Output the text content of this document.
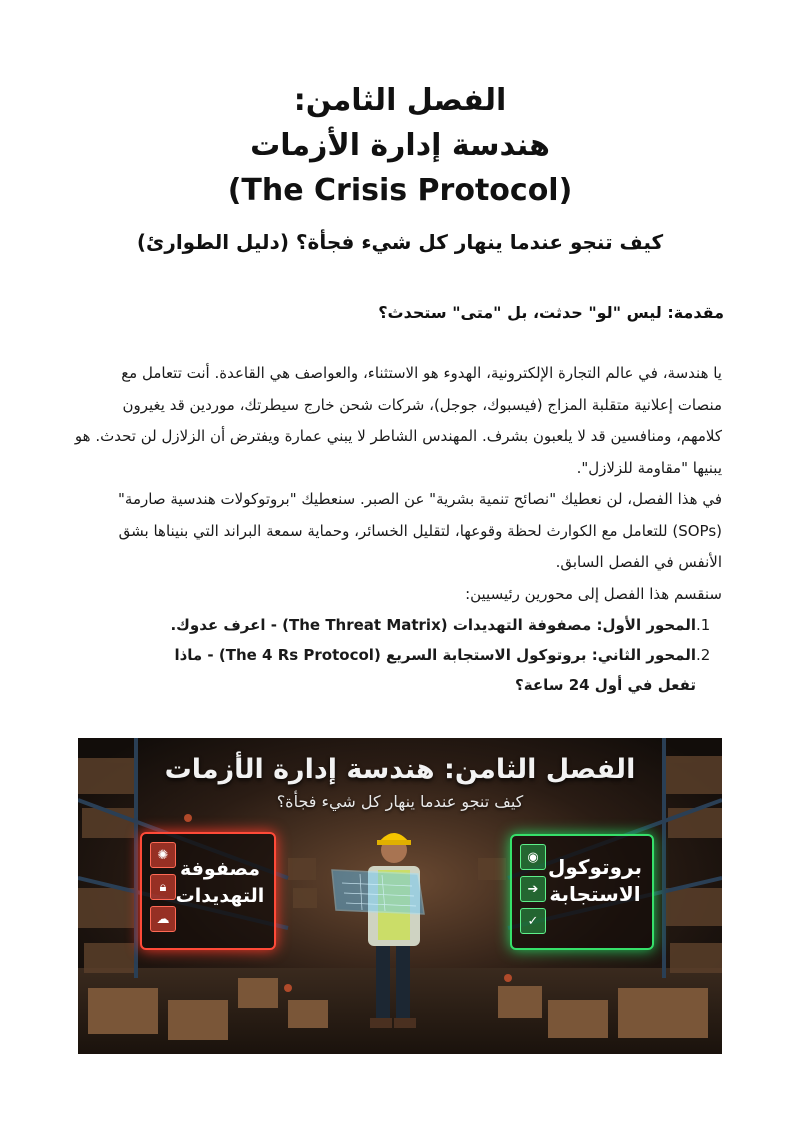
الفصل الثامن:
هندسة إدارة الأزمات
(The Crisis Protocol)
كيف تنجو عندما ينهار كل شيء فجأة؟ (دليل الطوارئ)
مقدمة: ليس "لو" حدثت، بل "متى" ستحدث؟

يا هندسة، في عالم التجارة الإلكترونية، الهدوء هو الاستثناء، والعواصف هي القاعدة. أنت تتعامل مع منصات إعلانية متقلبة المزاج (فيسبوك، جوجل)، شركات شحن خارج سيطرتك، موردين قد يغيرون كلامهم، ومنافسين قد لا يلعبون بشرف. المهندس الشاطر لا يبني عمارة ويفترض أن الزلازل لن تحدث. هو يبنيها "مقاومة للزلازل".

في هذا الفصل، لن نعطيك "نصائح تنمية بشرية" عن الصبر. سنعطيك "بروتوكولات هندسية صارمة" (SOPs) للتعامل مع الكوارث لحظة وقوعها، لتقليل الخسائر، وحماية سمعة البراند التي بنيناها بشق الأنفس في الفصل السابق.

سنقسم هذا الفصل إلى محورين رئيسيين:

1.المحور الأول: مصفوفة التهديدات (The Threat Matrix) - اعرف عدوك.
2.المحور الثاني: بروتوكول الاستجابة السريع (The 4 Rs Protocol) - ماذا
تفعل في أول 24 ساعة؟
الفصل الثامن: هندسة إدارة الأزمات
كيف تنجو عندما ينهار كل شيء فجأة؟
✺
🔒︎
☁
مصفوفة
التهديدات
◉
➔
✓
بروتوكول
الاستجابة
